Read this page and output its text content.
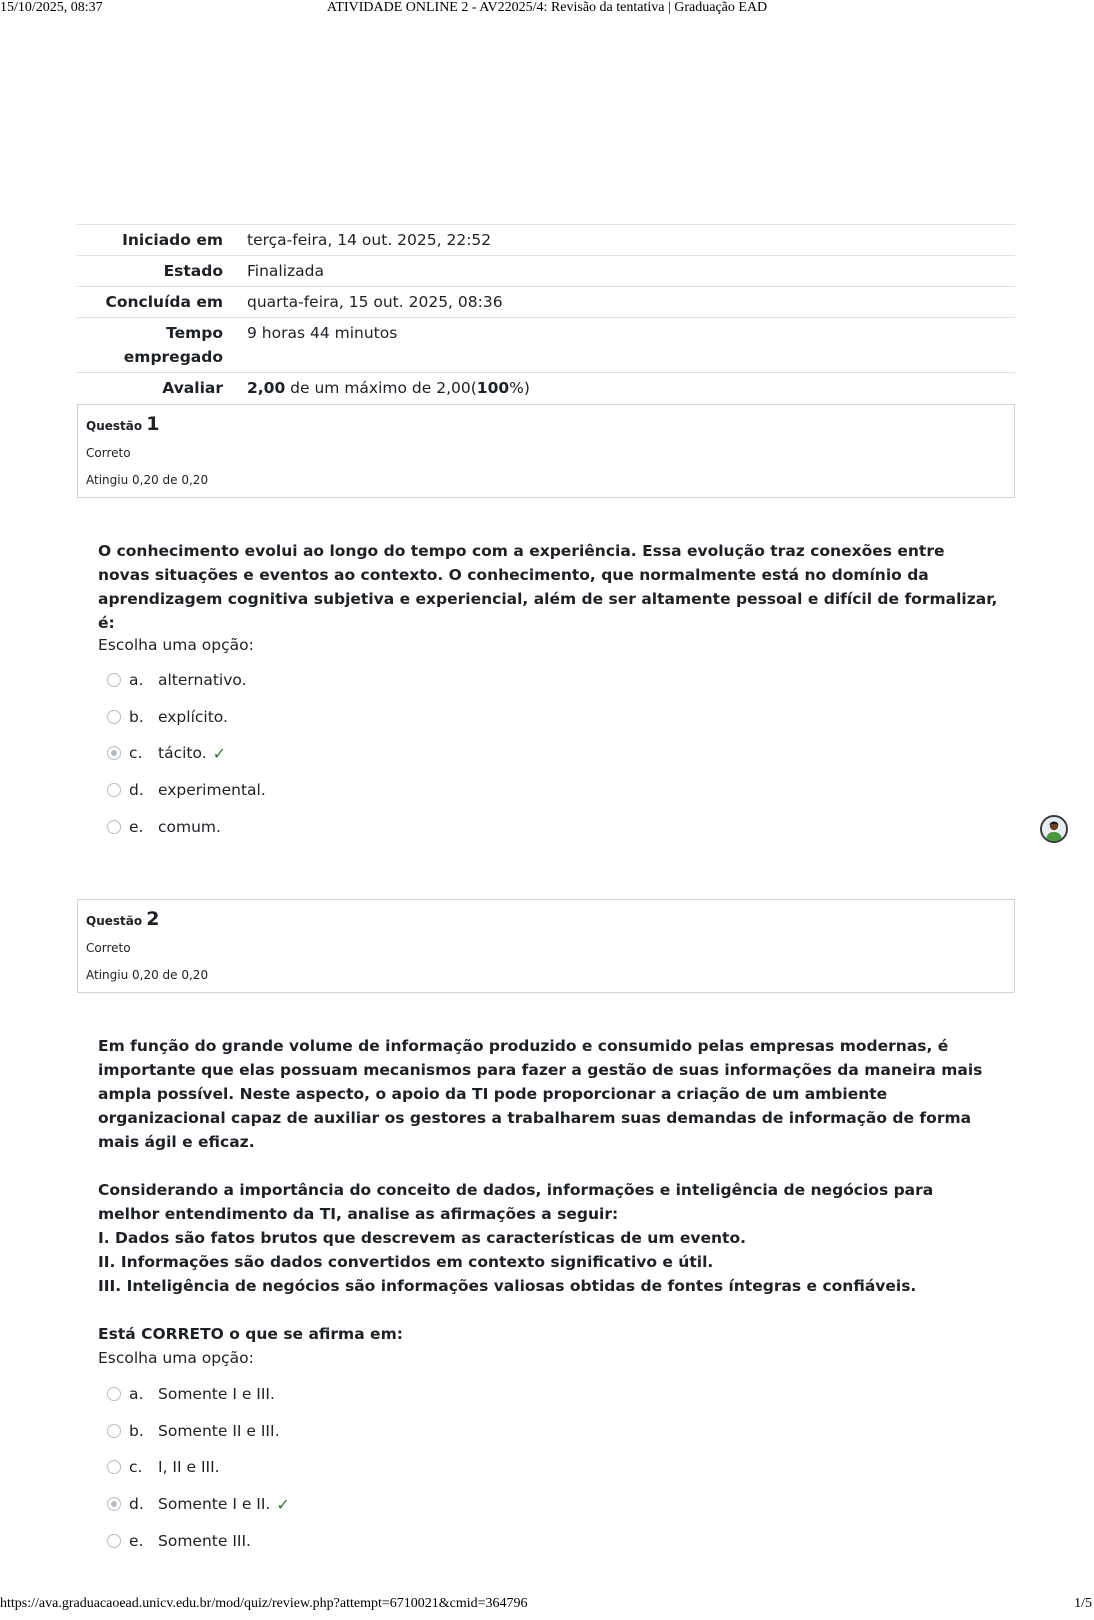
ATIVIDADE ONLINE 2 - AV22025/4: Revisão da tentativa | Graduação EAD
15/10/2025, 08:37
Iniciado em	terça-feira, 14 out. 2025, 22:52
Estado	Finalizada
Concluída em	quarta-feira, 15 out. 2025, 08:36
Tempo
empregado	9 horas 44 minutos
Avaliar	2,00 de um máximo de 2,00(100%)
Questão 1
Correto
Atingiu 0,20 de 0,20

O conhecimento evolui ao longo do tempo com a experiência. Essa evolução traz conexões entre novas situações e eventos ao contexto. O conhecimento, que normalmente está no domínio da aprendizagem cognitiva subjetiva e experiencial, além de ser altamente pessoal e difícil de formalizar, é:

Escolha uma opção:
a. alternativo.
b. explícito.
c.	tácito. ✓
d. experimental.
e. comum.
Questão 2
Correto
Atingiu 0,20 de 0,20

Em função do grande volume de informação produzido e consumido pelas empresas modernas, é importante que elas possuam mecanismos para fazer a gestão de suas informações da maneira mais ampla possível. Neste aspecto, o apoio da TI pode proporcionar a criação de um ambiente organizacional capaz de auxiliar os gestores a trabalharem suas demandas de informação de forma mais ágil e eficaz.

Considerando a importância do conceito de dados, informações e inteligência de negócios para melhor entendimento da TI, analise as afirmações a seguir:

I. Dados são fatos brutos que descrevem as características de um evento.

II. Informações são dados convertidos em contexto significativo e útil.

III. Inteligência de negócios são informações valiosas obtidas de fontes íntegras e confiáveis.

Está CORRETO o que se afirma em:

Escolha uma opção:
a. Somente I e III.
b. Somente II e III.
c.	I, II e III.
d. Somente I e II. ✓
e. Somente III.
https://ava.graduacaoead.unicv.edu.br/mod/quiz/review.php?attempt=6710021&cmid=364796	1/5
